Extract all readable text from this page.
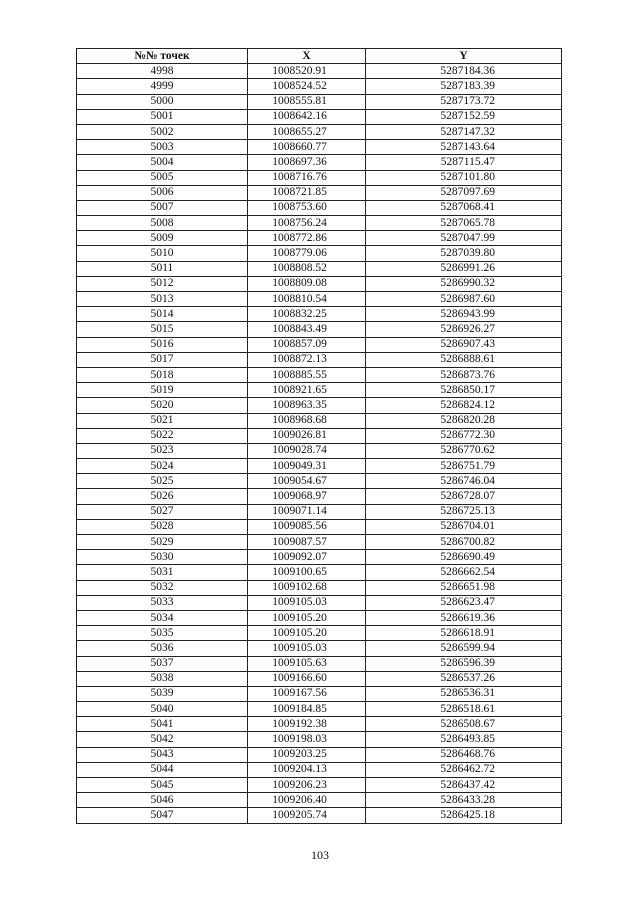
№№ точек	X	Y
4998	1008520.91	5287184.36
4999	1008524.52	5287183.39
5000	1008555.81	5287173.72
5001	1008642.16	5287152.59
5002	1008655.27	5287147.32
5003	1008660.77	5287143.64
5004	1008697.36	5287115.47
5005	1008716.76	5287101.80
5006	1008721.85	5287097.69
5007	1008753.60	5287068.41
5008	1008756.24	5287065.78
5009	1008772.86	5287047.99
5010	1008779.06	5287039.80
5011	1008808.52	5286991.26
5012	1008809.08	5286990.32
5013	1008810.54	5286987.60
5014	1008832.25	5286943.99
5015	1008843.49	5286926.27
5016	1008857.09	5286907.43
5017	1008872.13	5286888.61
5018	1008885.55	5286873.76
5019	1008921.65	5286850.17
5020	1008963.35	5286824.12
5021	1008968.68	5286820.28
5022	1009026.81	5286772.30
5023	1009028.74	5286770.62
5024	1009049.31	5286751.79
5025	1009054.67	5286746.04
5026	1009068.97	5286728.07
5027	1009071.14	5286725.13
5028	1009085.56	5286704.01
5029	1009087.57	5286700.82
5030	1009092.07	5286690.49
5031	1009100.65	5286662.54
5032	1009102.68	5286651.98
5033	1009105.03	5286623.47
5034	1009105.20	5286619.36
5035	1009105.20	5286618.91
5036	1009105.03	5286599.94
5037	1009105.63	5286596.39
5038	1009166.60	5286537.26
5039	1009167.56	5286536.31
5040	1009184.85	5286518.61
5041	1009192.38	5286508.67
5042	1009198.03	5286493.85
5043	1009203.25	5286468.76
5044	1009204.13	5286462.72
5045	1009206.23	5286437.42
5046	1009206.40	5286433.28
5047	1009205.74	5286425.18
103
